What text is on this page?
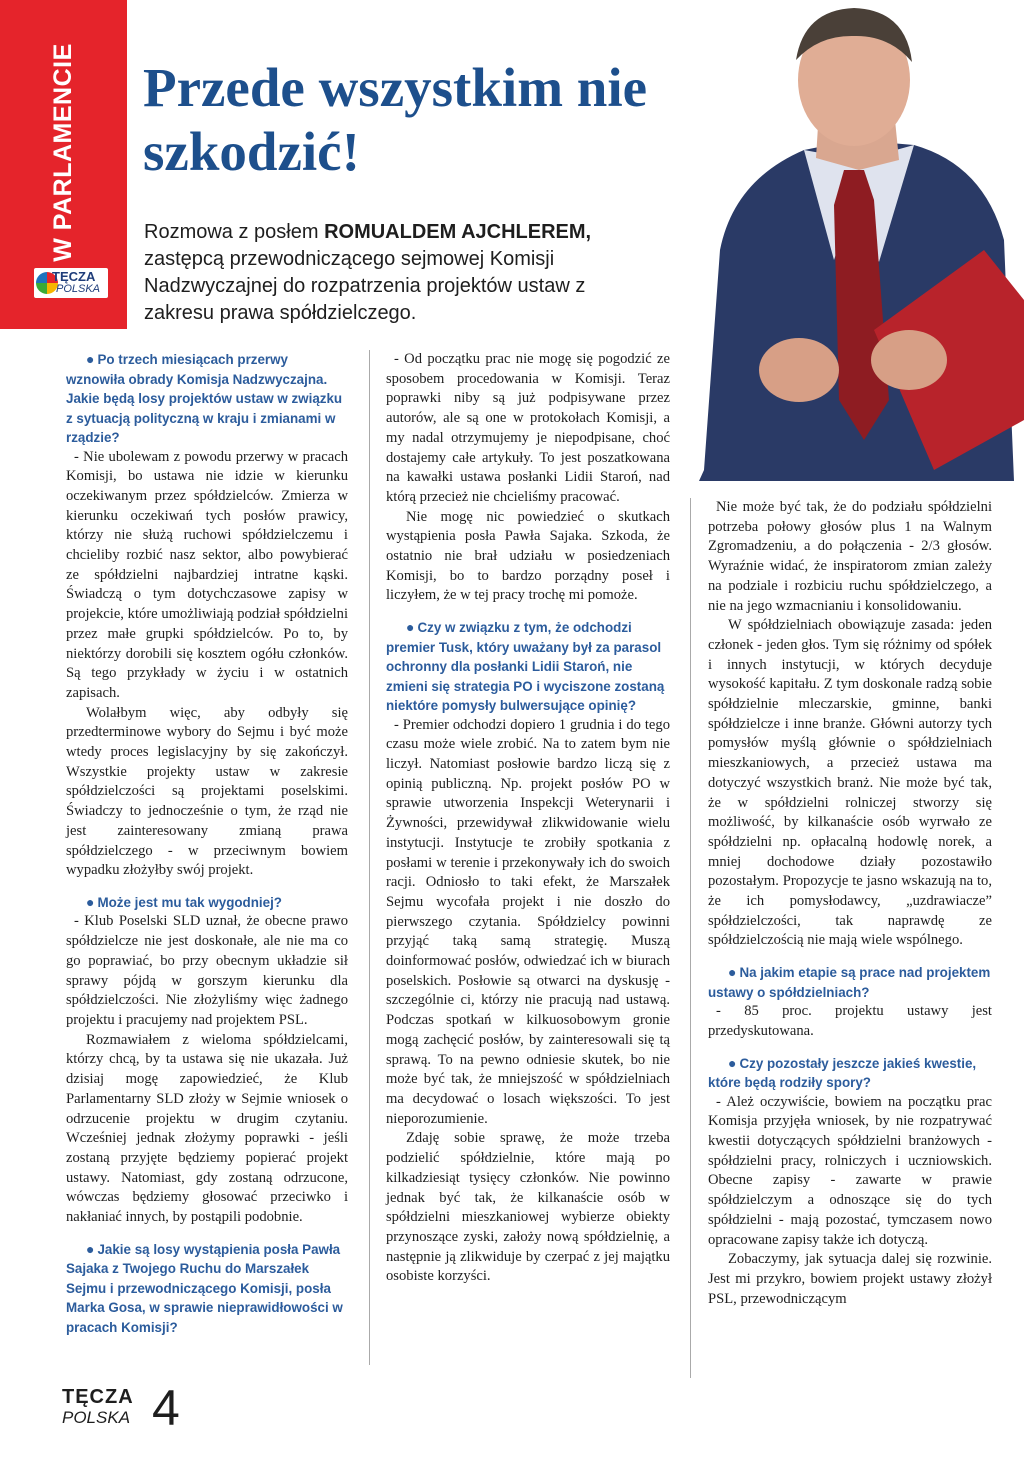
W PARLAMENCIE
TĘCZA
POLSKA
Przede wszystkim nie szkodzić!

Rozmowa z posłem ROMUALDEM AJCHLEREM, zastępcą przewodniczącego sejmowej Komisji Nadzwyczajnej do rozpatrzenia projektów ustaw z zakresu prawa spółdzielczego.

● Po trzech miesiącach przerwy wznowiła obrady Komisja Nadzwyczajna. Jakie będą losy projektów ustaw w związku z sytuacją polityczną w kraju i zmianami w rządzie?

- Nie ubolewam z powodu przerwy w pracach Komisji, bo ustawa nie idzie w kierunku oczekiwanym przez spółdzielców. Zmierza w kierunku oczekiwań tych posłów prawicy, którzy nie służą ruchowi spółdzielczemu i chcieliby rozbić nasz sektor, albo powybierać ze spółdzielni najbardziej intratne kąski. Świadczą o tym dotychczasowe zapisy w projekcie, które umożliwiają podział spółdzielni przez małe grupki spółdzielców. Po to, by niektórzy dorobili się kosztem ogółu członków. Są tego przykłady w życiu i w ostatnich zapisach.

Wolałbym więc, aby odbyły się przedterminowe wybory do Sejmu i być może wtedy proces legislacyjny by się zakończył. Wszystkie projekty ustaw w zakresie spółdzielczości są projektami poselskimi. Świadczy to jednocześnie o tym, że rząd nie jest zainteresowany zmianą prawa spółdzielczego - w przeciwnym bowiem wypadku złożyłby swój projekt.

● Może jest mu tak wygodniej?

- Klub Poselski SLD uznał, że obecne prawo spółdzielcze nie jest doskonałe, ale nie ma co go poprawiać, bo przy obecnym układzie sił sprawy pójdą w gorszym kierunku dla spółdzielczości. Nie złożyliśmy więc żadnego projektu i pracujemy nad projektem PSL.

Rozmawiałem z wieloma spółdzielcami, którzy chcą, by ta ustawa się nie ukazała. Już dzisiaj mogę zapowiedzieć, że Klub Parlamentarny SLD złoży w Sejmie wniosek o odrzucenie projektu w drugim czytaniu. Wcześniej jednak złożymy poprawki - jeśli zostaną przyjęte będziemy popierać projekt ustawy. Natomiast, gdy zostaną odrzucone, wówczas będziemy głosować przeciwko i nakłaniać innych, by postąpili podobnie.

● Jakie są losy wystąpienia posła Pawła Sajaka z Twojego Ruchu do Marszałek Sejmu i przewodniczącego Komisji, posła Marka Gosa, w sprawie nieprawidłowości w pracach Komisji?

- Od początku prac nie mogę się pogodzić ze sposobem procedowania w Komisji. Teraz poprawki niby są już podpisywane przez autorów, ale są one w protokołach Komisji, a my nadal otrzymujemy je niepodpisane, choć dostajemy całe artykuły. To jest poszatkowana na kawałki ustawa posłanki Lidii Staroń, nad którą przecież nie chcieliśmy pracować.

Nie mogę nic powiedzieć o skutkach wystąpienia posła Pawła Sajaka. Szkoda, że ostatnio nie brał udziału w posiedzeniach Komisji, bo to bardzo porządny poseł i liczyłem, że w tej pracy trochę mi pomoże.

● Czy w związku z tym, że odchodzi premier Tusk, który uważany był za parasol ochronny dla posłanki Lidii Staroń, nie zmieni się strategia PO i wyciszone zostaną niektóre pomysły bulwersujące opinię?

- Premier odchodzi dopiero 1 grudnia i do tego czasu może wiele zrobić. Na to zatem bym nie liczył. Natomiast posłowie bardzo liczą się z opinią publiczną. Np. projekt posłów PO w sprawie utworzenia Inspekcji Weterynarii i Żywności, przewidywał zlikwidowanie wielu instytucji. Instytucje te zrobiły spotkania z posłami w terenie i przekonywały ich do swoich racji. Odniosło to taki efekt, że Marszałek Sejmu wycofała projekt i nie doszło do pierwszego czytania. Spółdzielcy powinni przyjąć taką samą strategię. Muszą doinformować posłów, odwiedzać ich w biurach poselskich. Posłowie są otwarci na dyskusję - szczególnie ci, którzy nie pracują nad ustawą. Podczas spotkań w kilkuosobowym gronie mogą zachęcić posłów, by zainteresowali się tą sprawą. To na pewno odniesie skutek, bo nie może być tak, że mniejszość w spółdzielniach ma decydować o losach większości. To jest nieporozumienie.

Zdaję sobie sprawę, że może trzeba podzielić spółdzielnie, które mają po kilkadziesiąt tysięcy członków. Nie powinno jednak być tak, że kilkanaście osób w spółdzielni mieszkaniowej wybierze obiekty przynoszące zyski, założy nową spółdzielnię, a następnie ją zlikwiduje by czerpać z jej majątku osobiste korzyści.

Nie może być tak, że do podziału spółdzielni potrzeba połowy głosów plus 1 na Walnym Zgromadzeniu, a do połączenia - 2/3 głosów. Wyraźnie widać, że inspiratorom zmian zależy na podziale i rozbiciu ruchu spółdzielczego, a nie na jego wzmacnianiu i konsolidowaniu.

W spółdzielniach obowiązuje zasada: jeden członek - jeden głos. Tym się różnimy od spółek i innych instytucji, w których decyduje wysokość kapitału. Z tym doskonale radzą sobie spółdzielnie mleczarskie, gminne, banki spółdzielcze i inne branże. Główni autorzy tych pomysłów myślą głównie o spółdzielniach mieszkaniowych, a przecież ustawa ma dotyczyć wszystkich branż. Nie może być tak, że w spółdzielni rolniczej stworzy się możliwość, by kilkanaście osób wyrwało ze spółdzielni np. opłacalną hodowlę norek, a mniej dochodowe działy pozostawiło pozostałym. Propozycje te jasno wskazują na to, że ich pomysłodawcy, „uzdrawiacze” spółdzielczości, tak naprawdę ze spółdzielczością nie mają wiele wspólnego.

● Na jakim etapie są prace nad projektem ustawy o spółdzielniach?

- 85 proc. projektu ustawy jest przedyskutowana.

● Czy pozostały jeszcze jakieś kwestie, które będą rodziły spory?

- Ależ oczywiście, bowiem na początku prac Komisja przyjęła wniosek, by nie rozpatrywać kwestii dotyczących spółdzielni branżowych - spółdzielni pracy, rolniczych i uczniowskich. Obecne zapisy - zawarte w prawie spółdzielczym a odnoszące się do tych spółdzielni - mają pozostać, tymczasem nowo opracowane zapisy także ich dotyczą.

Zobaczymy, jak sytuacja dalej się rozwinie. Jest mi przykro, bowiem projekt ustawy złożył PSL, przewodniczącym

TĘCZA
POLSKA 4
